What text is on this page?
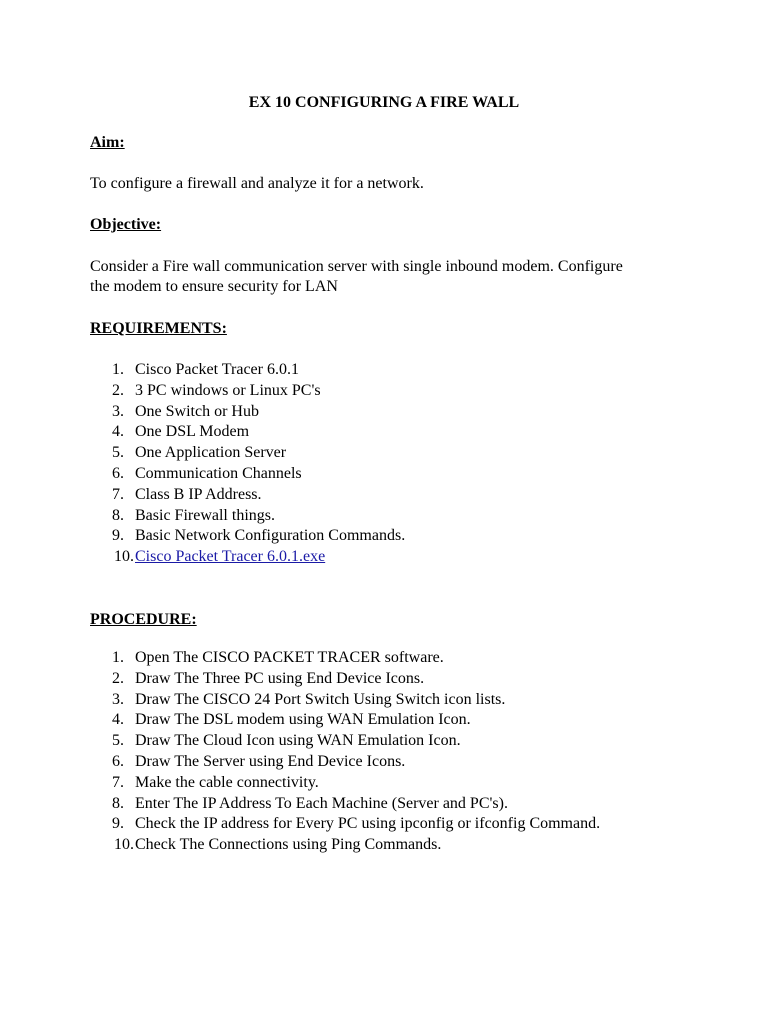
EX 10 CONFIGURING A FIRE WALL
Aim:
To configure a firewall and analyze it for a network.
Objective:
Consider a Fire wall communication server with single inbound modem. Configure
the modem to ensure security for LAN
REQUIREMENTS:
1. Cisco Packet Tracer 6.0.1
2. 3 PC windows or Linux PC's
3. One Switch or Hub
4. One DSL Modem
5. One Application Server
6. Communication Channels
7. Class B IP Address.
8. Basic Firewall things.
9. Basic Network Configuration Commands.
10. Cisco Packet Tracer 6.0.1.exe
PROCEDURE:
1. Open The CISCO PACKET TRACER software.
2. Draw The Three PC using End Device Icons.
3. Draw The CISCO 24 Port Switch Using Switch icon lists.
4. Draw The DSL modem using WAN Emulation Icon.
5. Draw The Cloud Icon using WAN Emulation Icon.
6. Draw The Server using End Device Icons.
7. Make the cable connectivity.
8. Enter The IP Address To Each Machine (Server and PC's).
9. Check the IP address for Every PC using ipconfig or ifconfig Command.
10. Check The Connections using Ping Commands.
